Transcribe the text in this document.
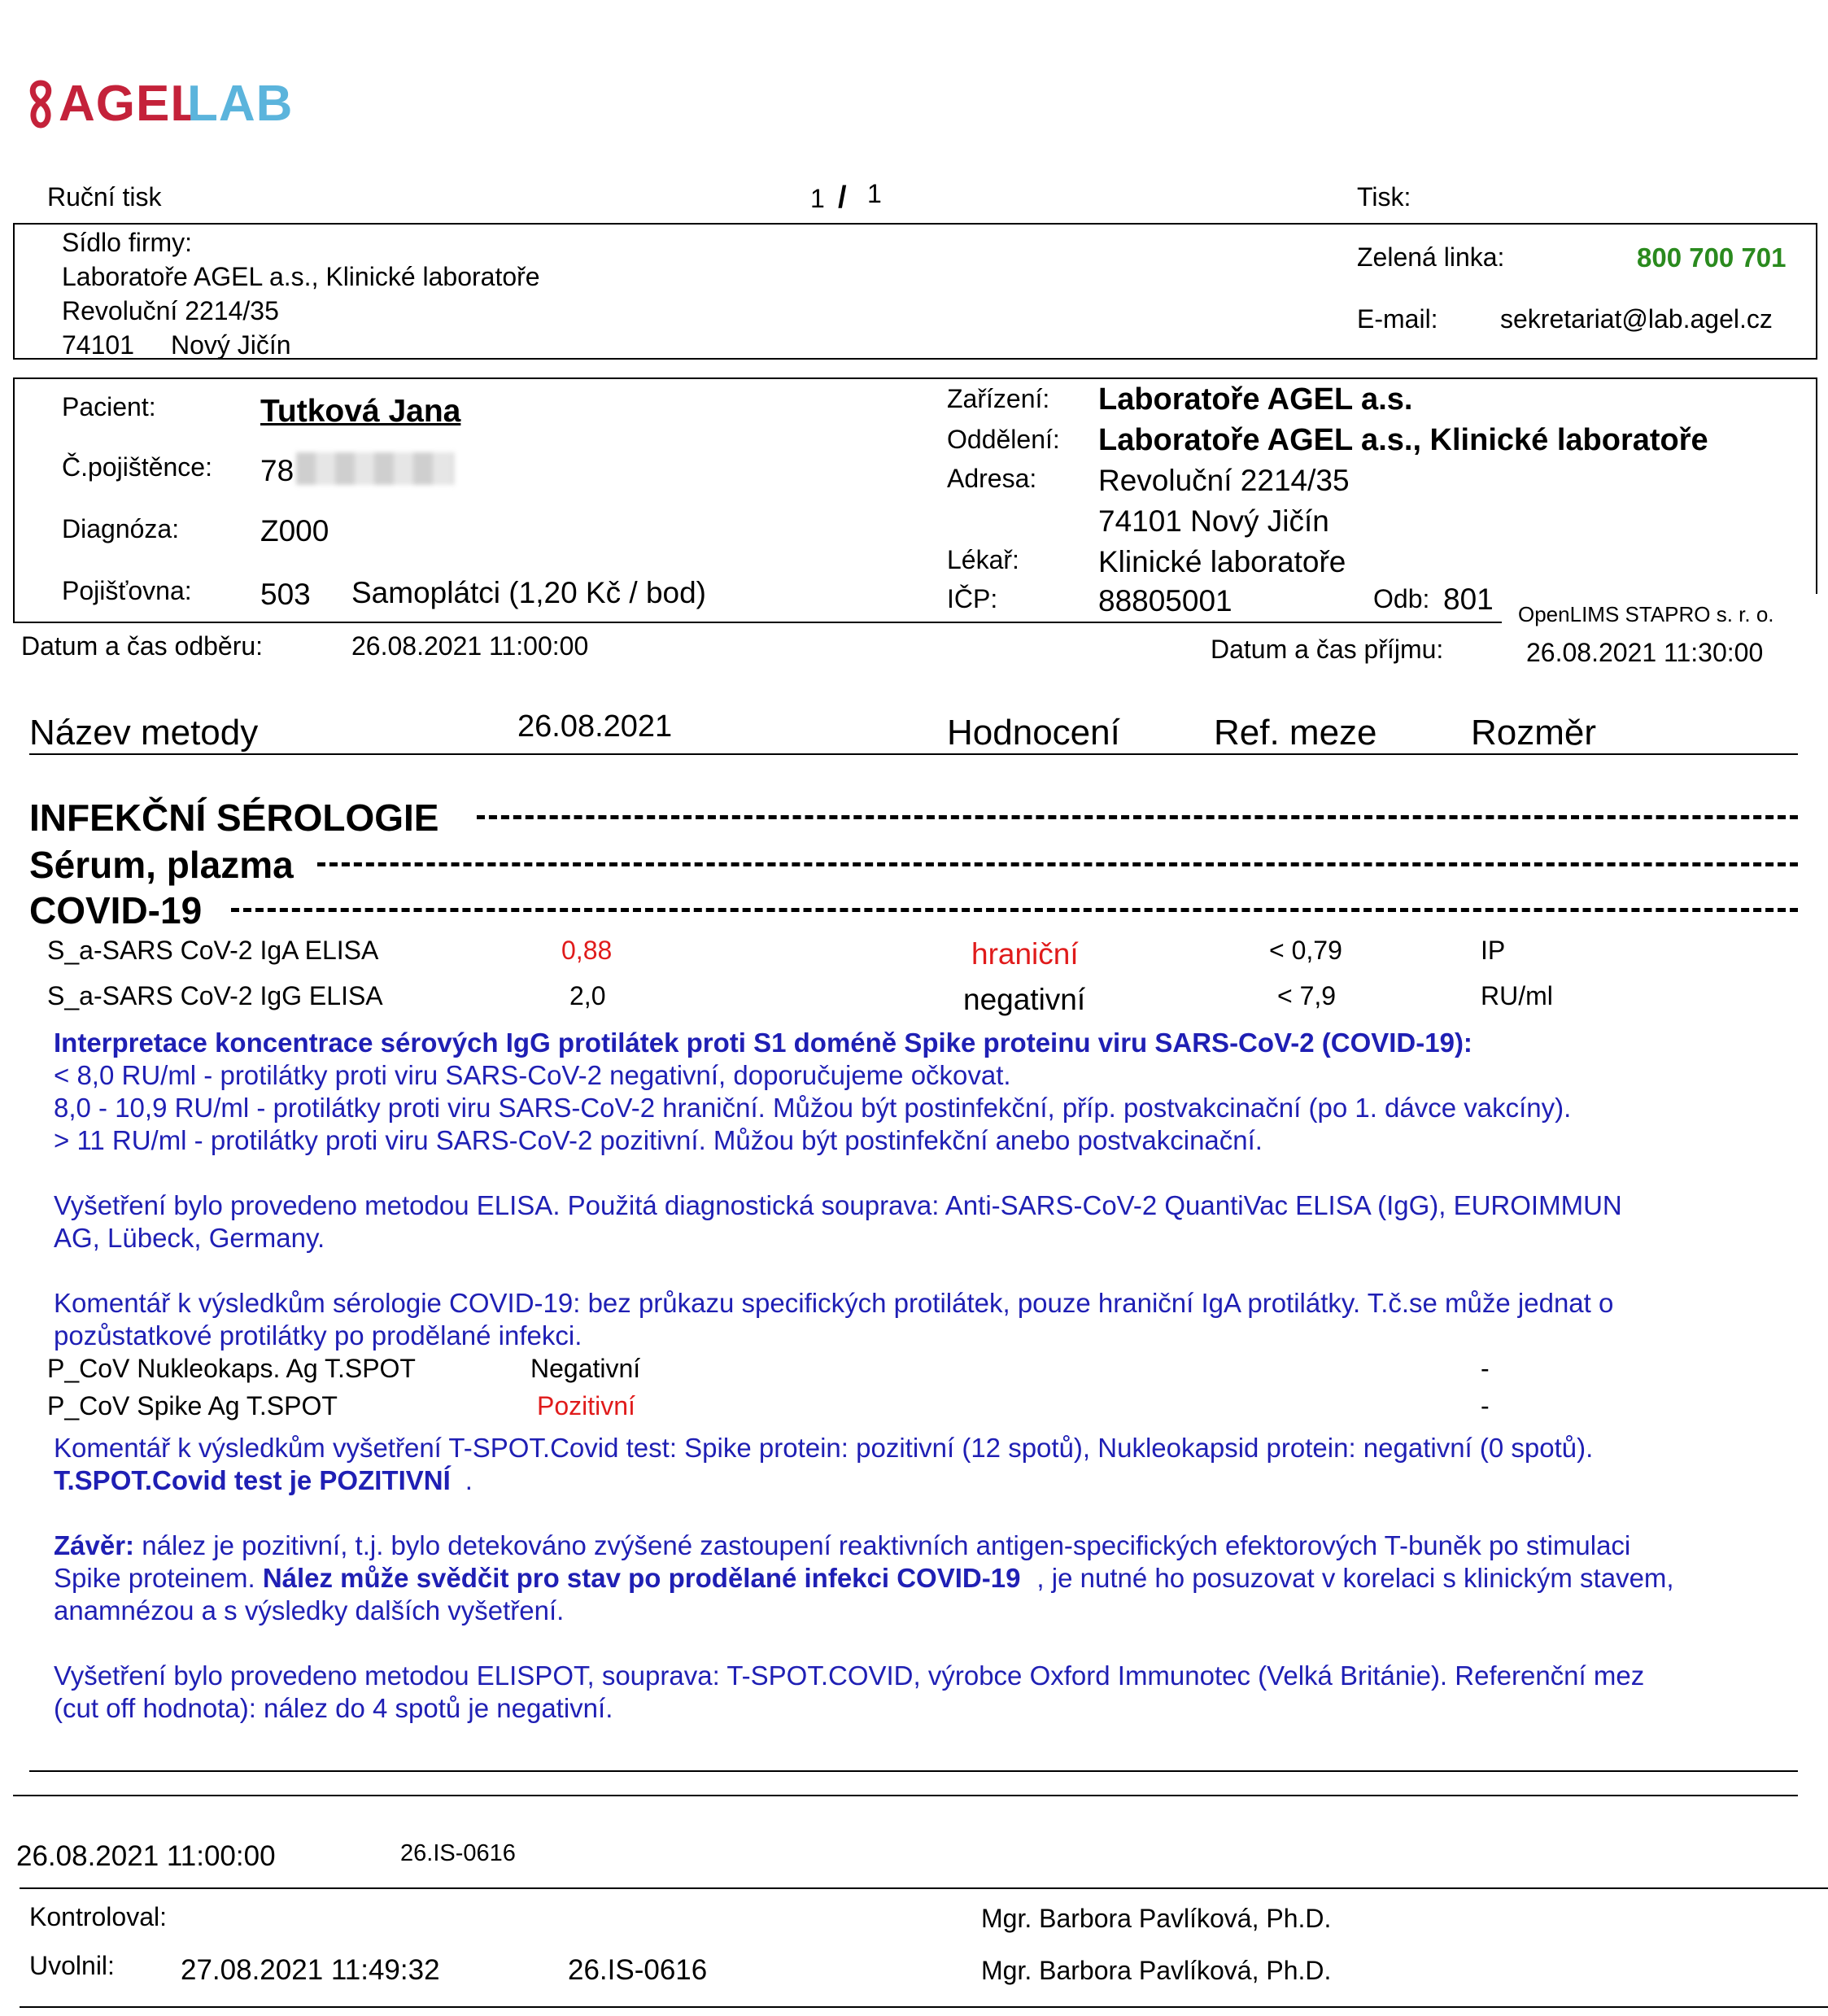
AGEL
LAB
Ruční tisk	1 / 1	Tisk:
Sídlo firmy:
Laboratoře AGEL a.s., Klinické laboratoře
Revoluční 2214/35
74101 Nový Jičín
Zelená linka:	800 700 701
E-mail: sekretariat@lab.agel.cz
Pacient:	Tutková Jana
Č.pojištěnce: 78
Diagnóza:	Z000
Pojišťovna: 503 Samoplátci (1,20 Kč / bod)
Zařízení: Laboratoře AGEL a.s.
Oddělení: Laboratoře AGEL a.s., Klinické laboratoře
Adresa: Revoluční 2214/35
74101 Nový Jičín
Lékař:	Klinické laboratoře
IČP:	88805001	Odb: 801 OpenLIMS STAPRO s. r. o.
Datum a čas odběru:	26.08.2021 11:00:00	Datum a čas příjmu:	26.08.2021 11:30:00
Název metody	26.08.2021	Hodnocení	Ref. meze	Rozměr
INFEKČNÍ SÉROLOGIE
Sérum, plazma
COVID-19
S_a-SARS CoV-2 IgA ELISA	0,88	hraniční	< 0,79	IP
S_a-SARS CoV-2 IgG ELISA	2,0	negativní	< 7,9	RU/ml
Interpretace koncentrace sérových IgG protilátek proti S1 doméně Spike proteinu viru SARS-CoV-2 (COVID-19):
< 8,0 RU/ml - protilátky proti viru SARS-CoV-2 negativní, doporučujeme očkovat.
8,0 - 10,9 RU/ml - protilátky proti viru SARS-CoV-2 hraniční. Můžou být postinfekční, příp. postvakcinační (po 1. dávce vakcíny).
> 11 RU/ml - protilátky proti viru SARS-CoV-2 pozitivní. Můžou být postinfekční anebo postvakcinační.
Vyšetření bylo provedeno metodou ELISA. Použitá diagnostická souprava: Anti-SARS-CoV-2 QuantiVac ELISA (IgG), EUROIMMUN
AG, Lübeck, Germany.
Komentář k výsledkům sérologie COVID-19: bez průkazu specifických protilátek, pouze hraniční IgA protilátky. T.č.se může jednat o
pozůstatkové protilátky po prodělané infekci.
P_CoV Nukleokaps. Ag T.SPOT	Negativní	-
P_CoV Spike Ag T.SPOT	Pozitivní	-
Komentář k výsledkům vyšetření T-SPOT.Covid test: Spike protein: pozitivní (12 spotů), Nukleokapsid protein: negativní (0 spotů).
T.SPOT.Covid test je POZITIVNÍ .
Závěr: nález je pozitivní, t.j. bylo detekováno zvýšené zastoupení reaktivních antigen-specifických efektorových T-buněk po stimulaci
Spike proteinem. Nález může svědčit pro stav po prodělané infekci COVID-19 , je nutné ho posuzovat v korelaci s klinickým stavem,
anamnézou a s výsledky dalších vyšetření.
Vyšetření bylo provedeno metodou ELISPOT, souprava: T-SPOT.COVID, výrobce Oxford Immunotec (Velká Británie). Referenční mez
(cut off hodnota): nález do 4 spotů je negativní.
26.08.2021 11:00:00	26.IS-0616
Kontroloval:	Mgr. Barbora Pavlíková, Ph.D.
Uvolnil: 27.08.2021 11:49:32	26.IS-0616	Mgr. Barbora Pavlíková, Ph.D.
